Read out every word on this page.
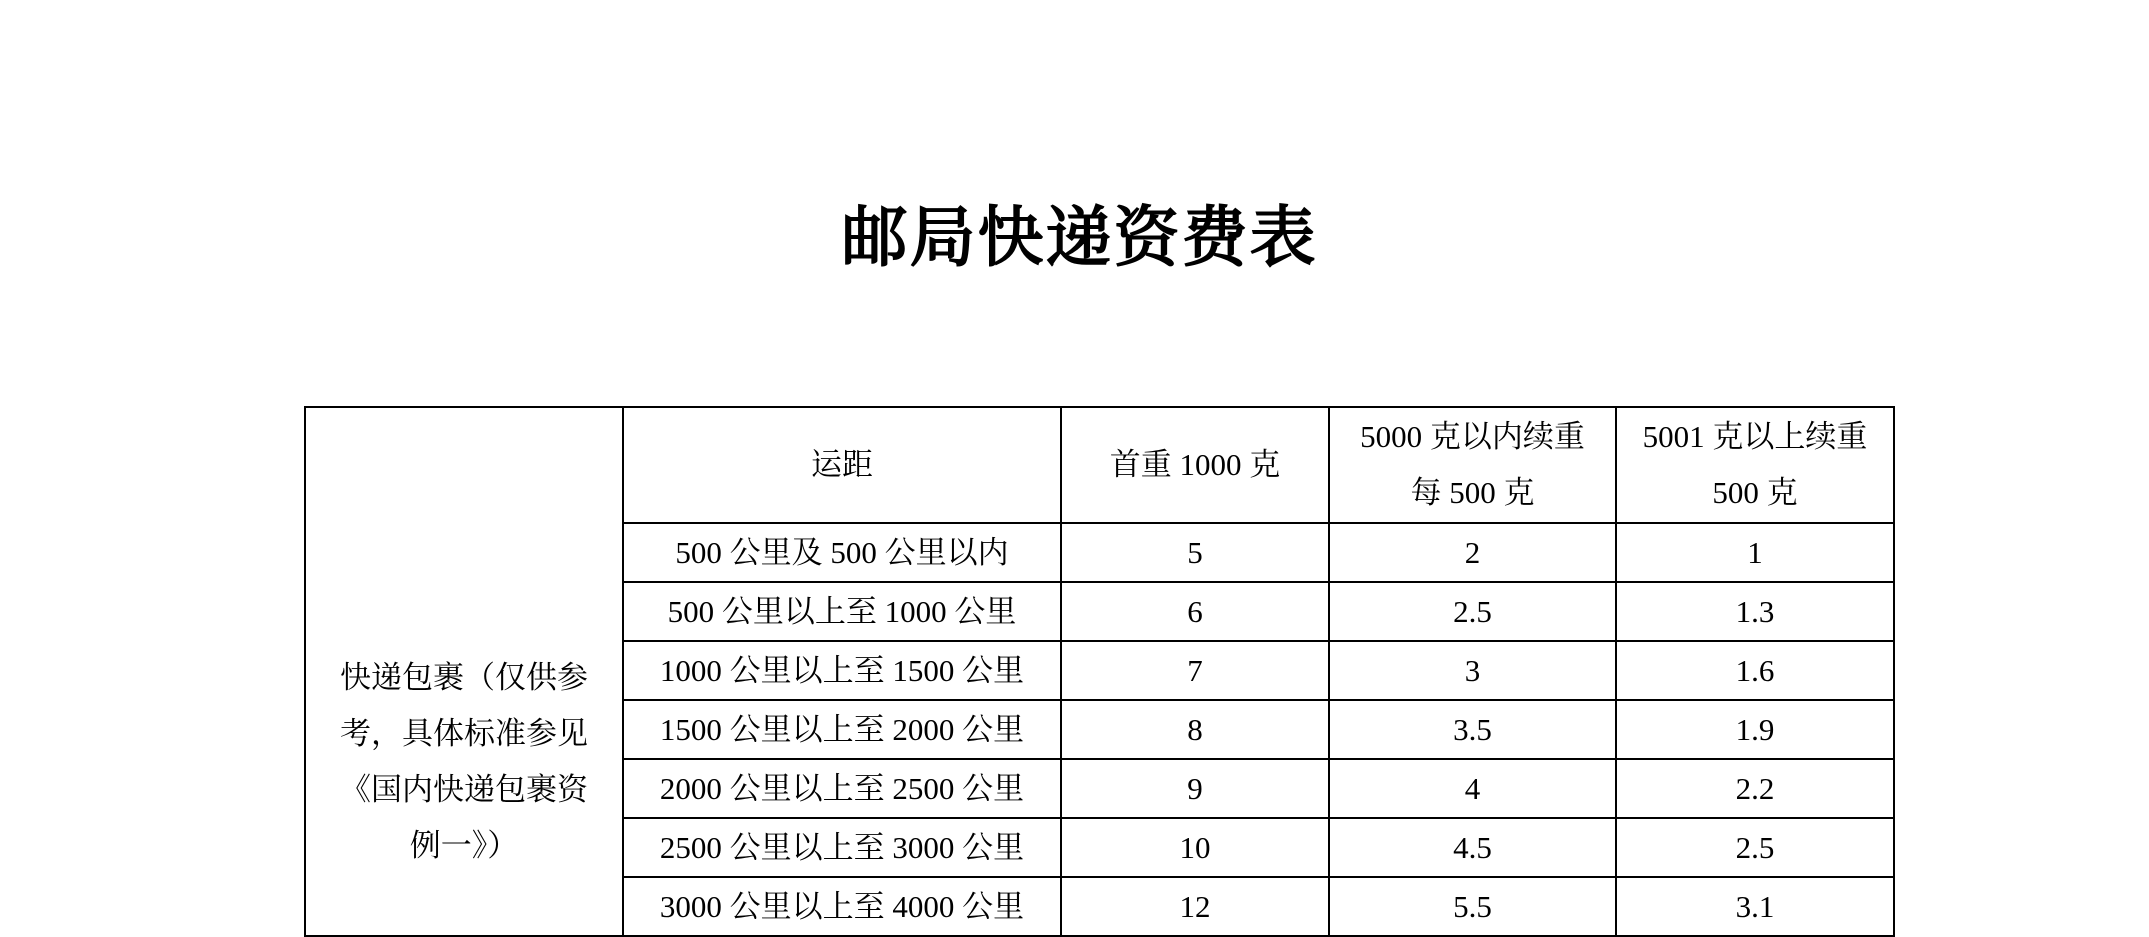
邮局快递资费表
快递包裹（仅供参考，具体标准参见《国内快递包裹资例一》）	运距	首重 1000 克	5000 克以内续重每 500 克	5001 克以上续重 500 克

	500 公里及 500 公里以内	5	2	1
	500 公里以上至 1000 公里	6	2.5	1.3
	1000 公里以上至 1500 公里	7	3	1.6
	1500 公里以上至 2000 公里	8	3.5	1.9
	2000 公里以上至 2500 公里	9	4	2.2
	2500 公里以上至 3000 公里	10	4.5	2.5
	3000 公里以上至 4000 公里	12	5.5	3.1
